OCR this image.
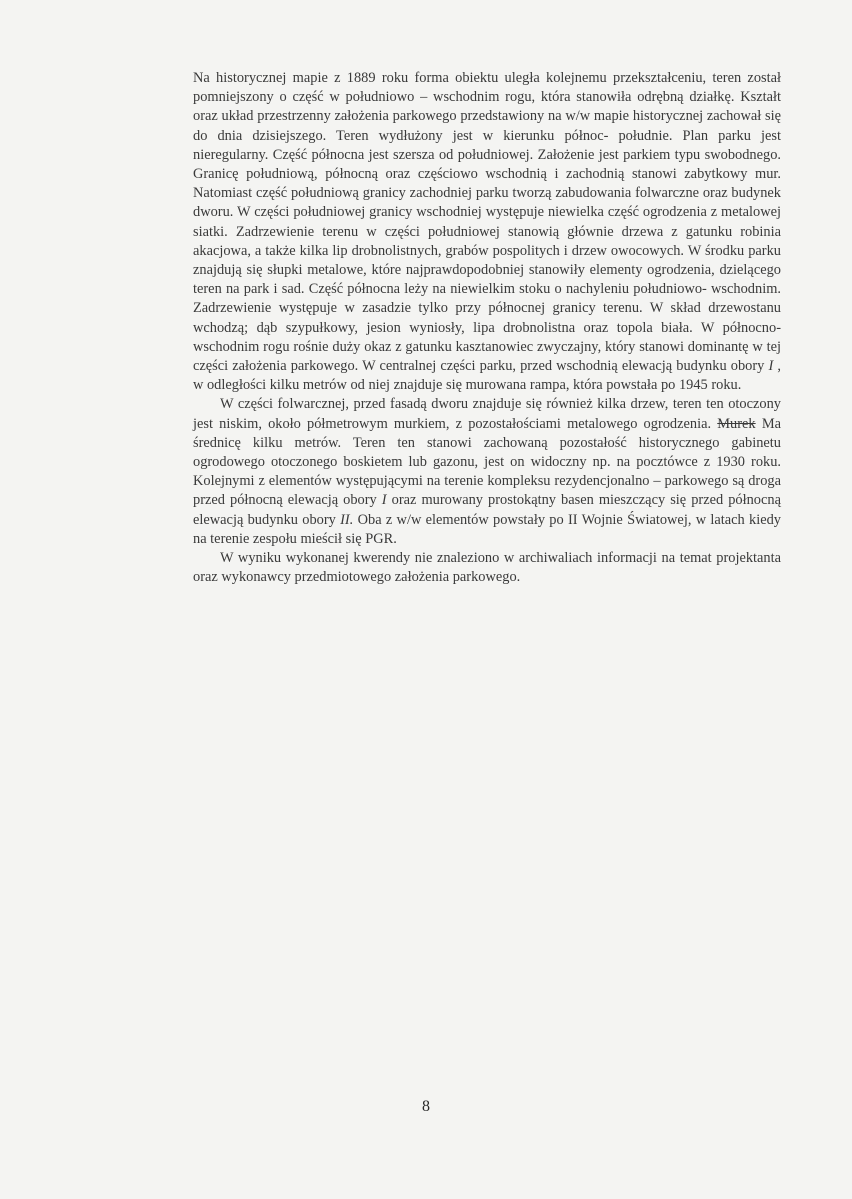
Na historycznej mapie z 1889 roku forma obiektu uległa kolejnemu przekształceniu, teren został pomniejszony o część w południowo – wschodnim rogu, która stanowiła odrębną działkę. Kształt oraz układ przestrzenny założenia parkowego przedstawiony na w/w mapie historycznej zachował się do dnia dzisiejszego. Teren wydłużony jest w kierunku północ- południe. Plan parku jest nieregularny. Część północna jest szersza od południowej. Założenie jest parkiem typu swobodnego. Granicę południową, północną oraz częściowo wschodnią i zachodnią stanowi zabytkowy mur. Natomiast część południową granicy zachodniej parku tworzą zabudowania folwarczne oraz budynek dworu. W części południowej granicy wschodniej występuje niewielka część ogrodzenia z metalowej siatki. Zadrzewienie terenu w części południowej stanowią głównie drzewa z gatunku robinia akacjowa, a także kilka lip drobnolistnych, grabów pospolitych i drzew owocowych. W środku parku znajdują się słupki metalowe, które najprawdopodobniej stanowiły elementy ogrodzenia, dzielącego teren na park i sad. Część północna leży na niewielkim stoku o nachyleniu południowo- wschodnim. Zadrzewienie występuje w zasadzie tylko przy północnej granicy terenu. W skład drzewostanu wchodzą; dąb szypułkowy, jesion wyniosły, lipa drobnolistna oraz topola biała. W północno- wschodnim rogu rośnie duży okaz z gatunku kasztanowiec zwyczajny, który stanowi dominantę w tej części założenia parkowego. W centralnej części parku, przed wschodnią elewacją budynku obory I , w odległości kilku metrów od niej znajduje się murowana rampa, która powstała po 1945 roku.

W części folwarcznej, przed fasadą dworu znajduje się również kilka drzew, teren ten otoczony jest niskim, około półmetrowym murkiem, z pozostałościami metalowego ogrodzenia. Murek Ma średnicę kilku metrów. Teren ten stanowi zachowaną pozostałość historycznego gabinetu ogrodowego otoczonego boskietem lub gazonu, jest on widoczny np. na pocztówce z 1930 roku. Kolejnymi z elementów występującymi na terenie kompleksu rezydencjonalno – parkowego są droga przed północną elewacją obory I oraz murowany prostokątny basen mieszczący się przed północną elewacją budynku obory II. Oba z w/w elementów powstały po II Wojnie Światowej, w latach kiedy na terenie zespołu mieścił się PGR.

W wyniku wykonanej kwerendy nie znaleziono w archiwaliach informacji na temat projektanta oraz wykonawcy przedmiotowego założenia parkowego.

8
